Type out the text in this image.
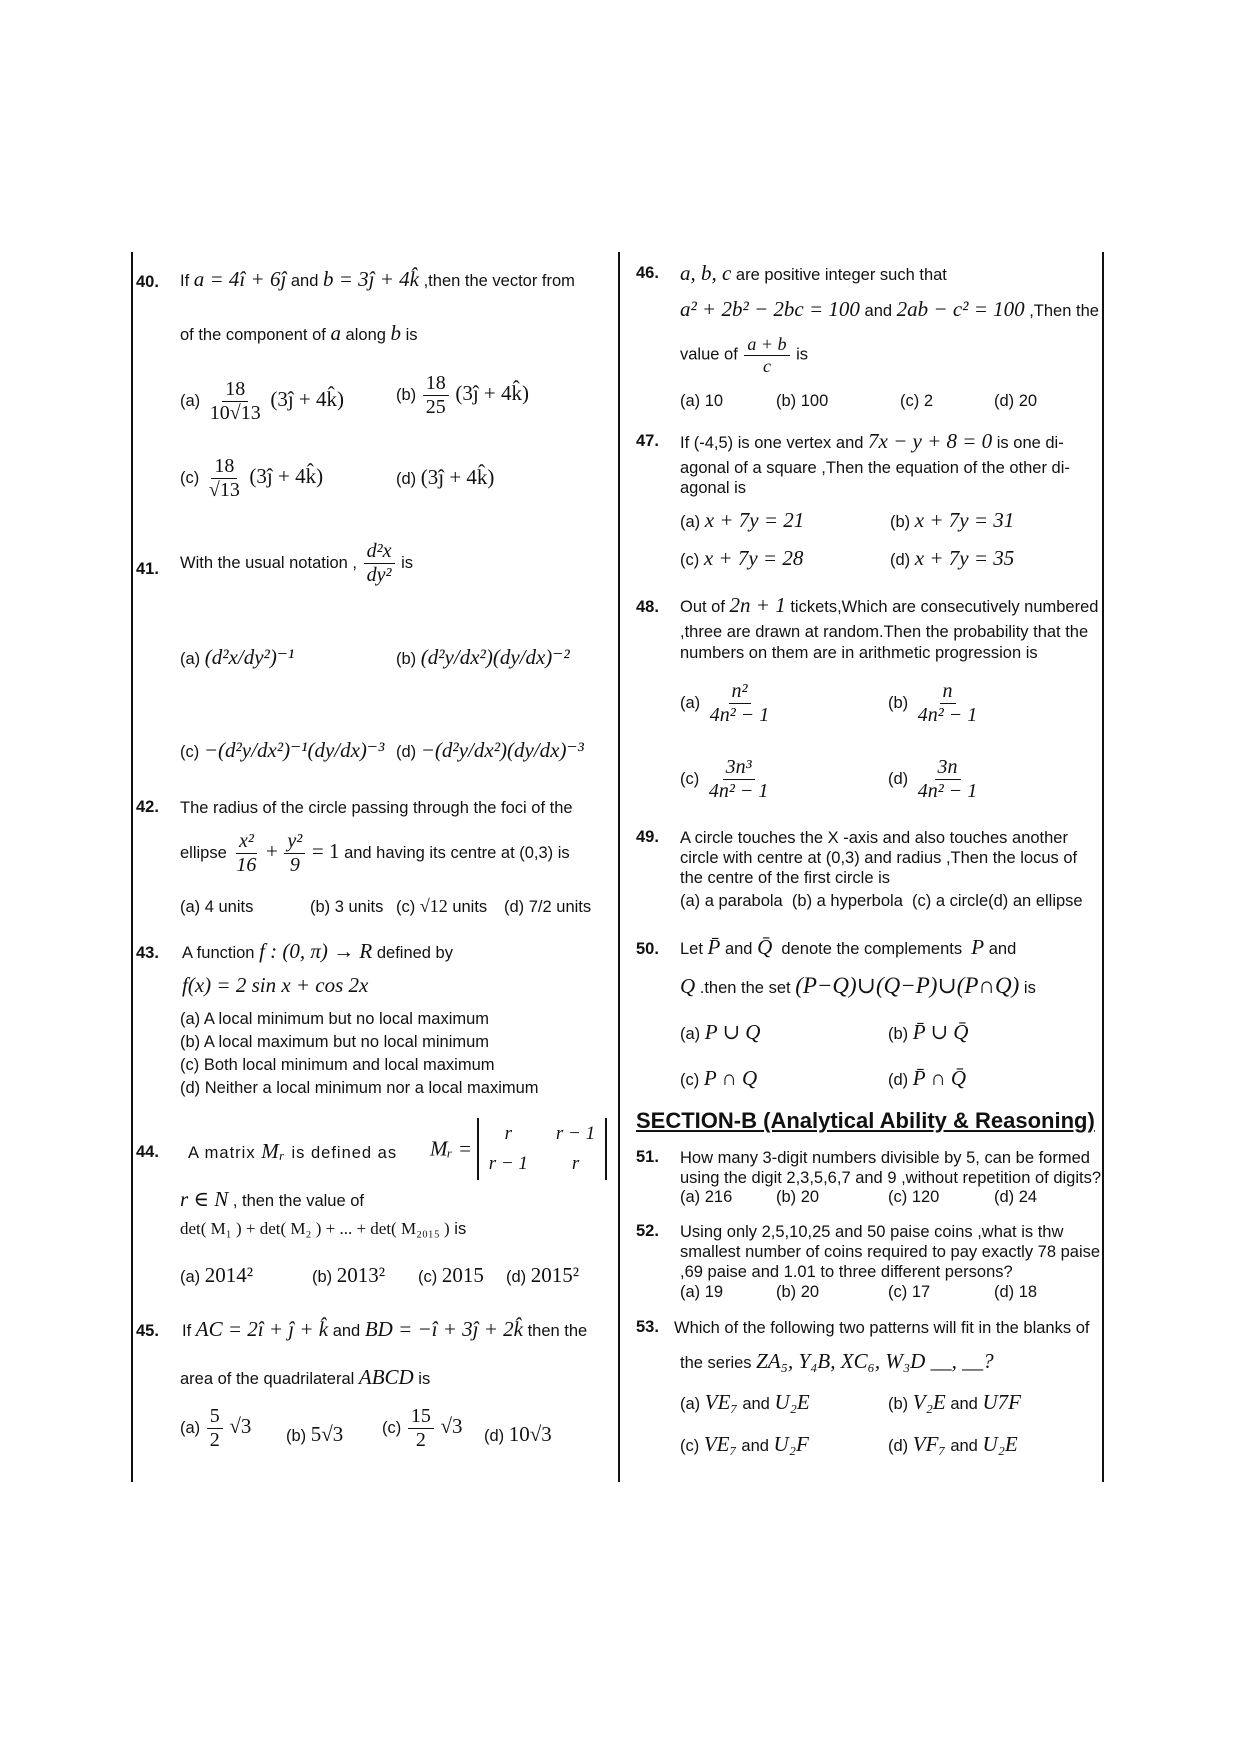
40. If a = 4î + 6ĵ and b = 3ĵ + 4k̂ ,then the vector from
of the component of a along b is
$(a) \frac{18}{10√13}$ (3ĵ + 4k̂)	$(b) \frac{18}{25}$ (3ĵ + 4k̂)
$(c) \frac{18}{√13}$ (3ĵ + 4k̂)	(d) (3ĵ + 4k̂)
41. With the usual notation , $\frac{\text{d²x}}{\text{dy²}}$ is
(a) (d²x/dy²)⁻¹	(b) (d²y/dx²)(dy/dx)⁻²
(c) −(d²y/dx²)⁻¹(dy/dx)⁻³ (d) −(d²y/dx²)(dy/dx)⁻³
42. The radius of the circle passing through the foci of the
ellipse $\frac{\text{x²}}{16} + \frac{\text{y²}}{9} = 1$ and having its centre at (0,3) is
(a) 4 units	(b) 3 units (c) √12 units (d) 7/2 units
43. A function f : (0, π) → R defined by
f(x) = 2 sin x + cos 2x
(a) A local minimum but no local maximum
(b) A local maximum but no local minimum
(c) Both local minimum and local maximum
(d) Neither a local minimum nor a local maximum
44. A matrix Mᵣ is defined as Mᵣ =
r	r − 1
r − 1	r
r ∈ N , then the value of
det( M₁ ) + det( M₂ ) + ... + det( M₂₀₁₅ ) is
(a) 2014²	(b) 2013² (c) 2015 (d) 2015²
45. If AC = 2î + ĵ + k̂ and BD = −î + 3ĵ + 2k̂ then the
area of the quadrilateral ABCD is
$(a) \frac{5}{2} √3$ (b) 5√3 $(c) \frac{15}{2} √3$ (d) 10√3
46. a, b, c are positive integer such that
a² + 2b² − 2bc = 100 and 2ab − c² = 100 ,Then the
value of $\frac{a + b}{c}$ is
(a) 10	(b) 100	(c) 2	(d) 20
47. If (-4,5) is one vertex and 7x − y + 8 = 0 is one di-
agonal of a square ,Then the equation of the other di-
agonal is
(a) x + 7y = 21	(b) x + 7y = 31
(c) x + 7y = 28	(d) x + 7y = 35
48. Out of 2n + 1 tickets,Which are consecutively numbered
,three are drawn at random.Then the probability that the
numbers on them are in arithmetic progression is
$(a) \frac{\text{n²}}{\text{4n² − 1}}$	$(b) \frac{n}{\text{4n² − 1}}$
$(c) \frac{\text{3n³}}{\text{4n² − 1}}$	$(d) \frac{3n}{\text{4n² − 1}}$
49. A circle touches the X -axis and also touches another
circle with centre at (0,3) and radius ,Then the locus of
the centre of the first circle is
(a) a parabola  (b) a hyperbola  (c) a circle(d) an ellipse
50. Let P̄ and Q̄ denote the complements P and
Q .then the set (P−Q)∪(Q−P)∪(P∩Q) is
(a) P ∪ Q	(b) P̄ ∪ Q̄
(c) P ∩ Q	(d) P̄ ∩ Q̄
SECTION-B (Analytical Ability & Reasoning)
51. How many 3-digit numbers divisible by 5, can be formed
using the digit 2,3,5,6,7 and 9 ,without repetition of digits?
(a) 216	(b) 20	(c) 120	(d) 24
52. Using only 2,5,10,25 and 50 paise coins ,what is thw
smallest number of coins required to pay exactly 78 paise
,69 paise and 1.01 to three different persons?
(a) 19	(b) 20	(c) 17	(d) 18
53. Which of the following two patterns will fit in the blanks of
the series ZA₅, Y₄B, XC₆, W₃D __, __?
(a) VE₇ and U₂E	(b) V₂E and U7F
(c) VE₇ and U₂F	(d) VF₇ and U₂E
